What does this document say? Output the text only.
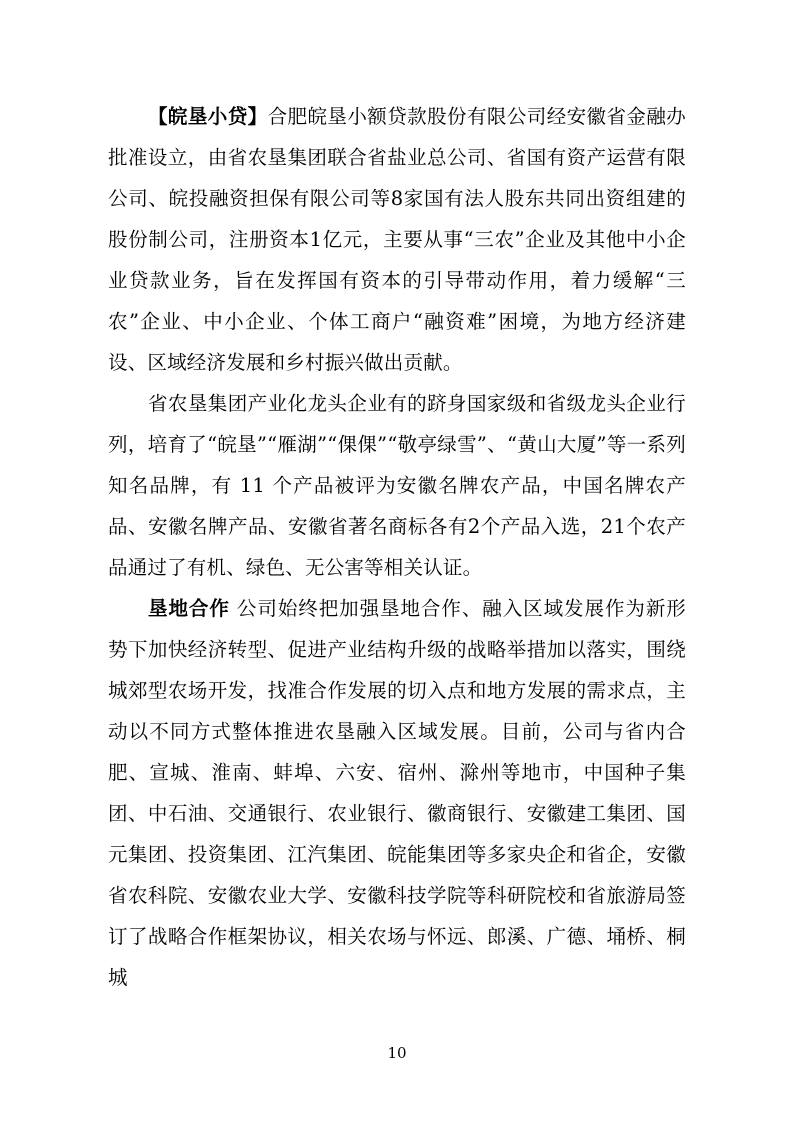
【皖垦小贷】合肥皖垦小额贷款股份有限公司经安徽省金融办批准设立，由省农垦集团联合省盐业总公司、省国有资产运营有限公司、皖投融资担保有限公司等8家国有法人股东共同出资组建的股份制公司，注册资本1亿元，主要从事“三农”企业及其他中小企业贷款业务，旨在发挥国有资本的引导带动作用，着力缓解“三农”企业、中小企业、个体工商户“融资难”困境，为地方经济建设、区域经济发展和乡村振兴做出贡献。

省农垦集团产业化龙头企业有的跻身国家级和省级龙头企业行列，培育了“皖垦”“雁湖”“倮倮”“敬亭绿雪”、“黄山大厦”等一系列知名品牌，有 11 个产品被评为安徽名牌农产品，中国名牌农产品、安徽名牌产品、安徽省著名商标各有2个产品入选，21个农产品通过了有机、绿色、无公害等相关认证。

垦地合作 公司始终把加强垦地合作、融入区域发展作为新形势下加快经济转型、促进产业结构升级的战略举措加以落实，围绕城郊型农场开发，找准合作发展的切入点和地方发展的需求点，主动以不同方式整体推进农垦融入区域发展。目前，公司与省内合肥、宣城、淮南、蚌埠、六安、宿州、滁州等地市，中国种子集团、中石油、交通银行、农业银行、徽商银行、安徽建工集团、国元集团、投资集团、江汽集团、皖能集团等多家央企和省企，安徽省农科院、安徽农业大学、安徽科技学院等科研院校和省旅游局签订了战略合作框架协议，相关农场与怀远、郎溪、广德、埇桥、桐城

10
